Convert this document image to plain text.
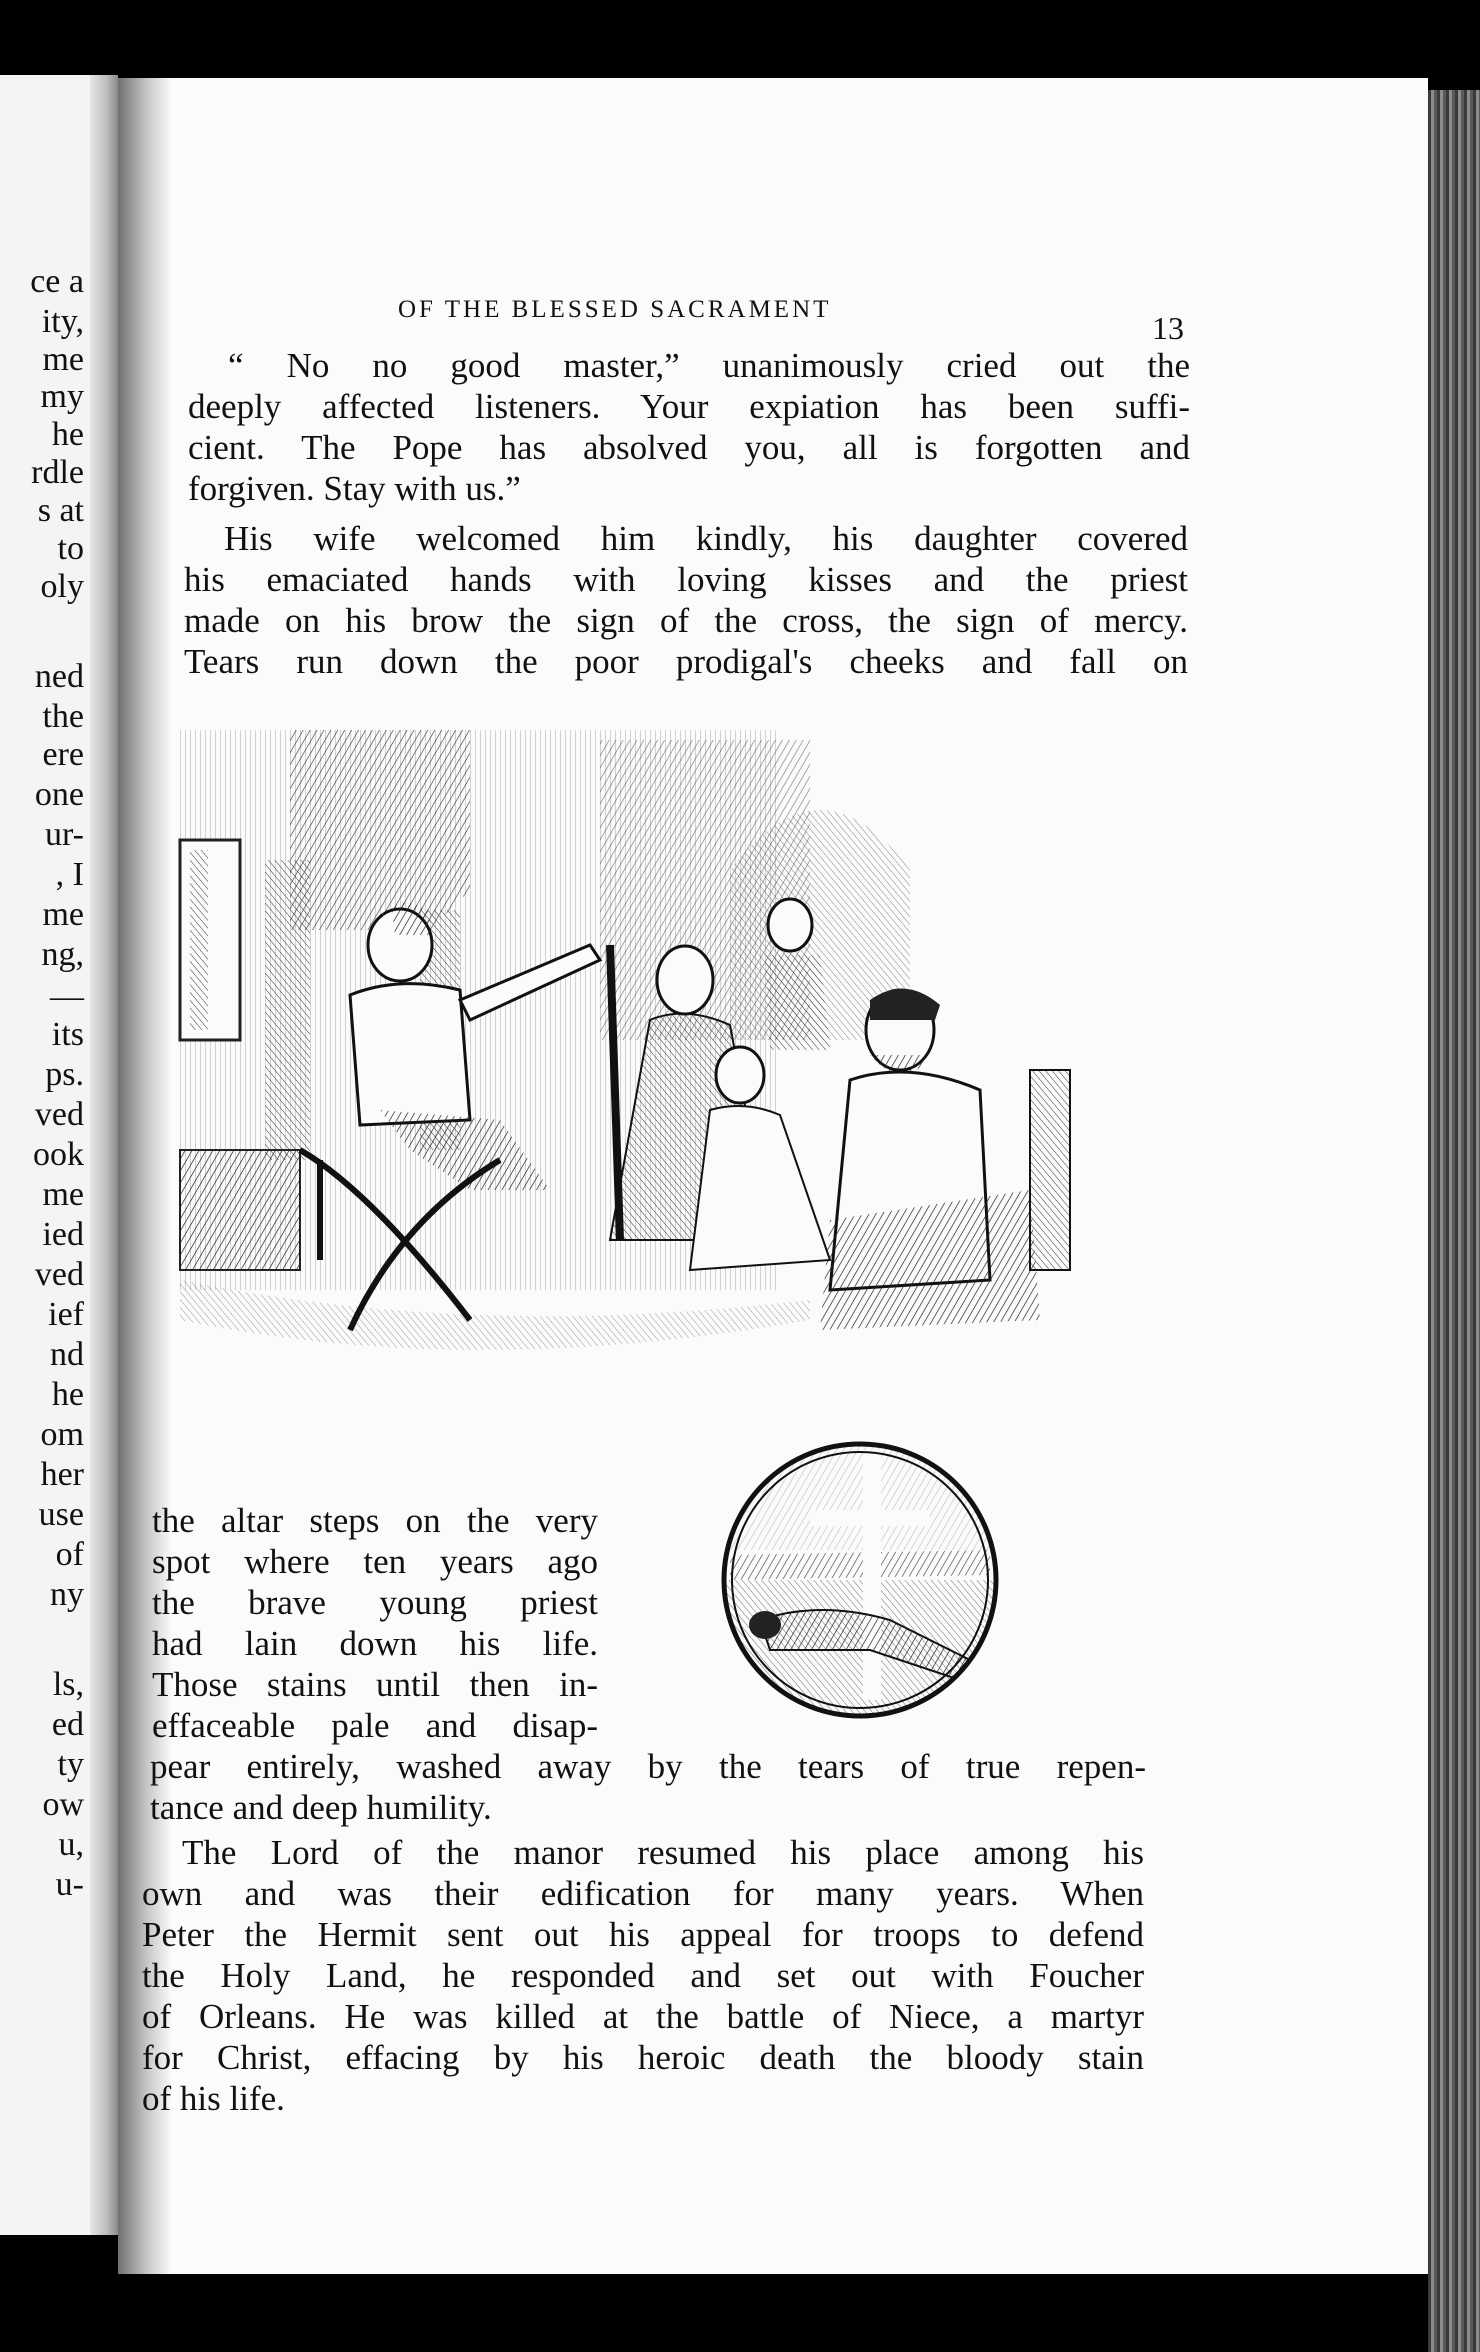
ce a
ity,
me
my
he
rdle
s at
to
oly
ned
the
ere
one
ur-
, I
me
ng,
—
its
ps.
ved
ook
me
ied
ved
ief
nd
he
om
her
use
of
ny
ls,
ed
ty
ow
u,
u-
OF THE BLESSED SACRAMENT
13
“ No no good master,” unanimously cried out the
deeply affected listeners. Your expiation has been suffi-
cient. The Pope has absolved you, all is forgotten and
forgiven. Stay with us.”
His wife welcomed him kindly, his daughter covered
his emaciated hands with loving kisses and the priest
made on his brow the sign of the cross, the sign of mercy.
Tears run down the poor prodigal's cheeks and fall on
the altar steps on the very
spot where ten years ago
the brave young priest
had lain down his life.
Those stains until then in-
effaceable pale and disap-
pear entirely, washed away by the tears of true repen-
tance and deep humility.
The Lord of the manor resumed his place among his
own and was their edification for many years. When
Peter the Hermit sent out his appeal for troops to defend
the Holy Land, he responded and set out with Foucher
of Orleans. He was killed at the battle of Niece, a martyr
for Christ, effacing by his heroic death the bloody stain
of his life.
